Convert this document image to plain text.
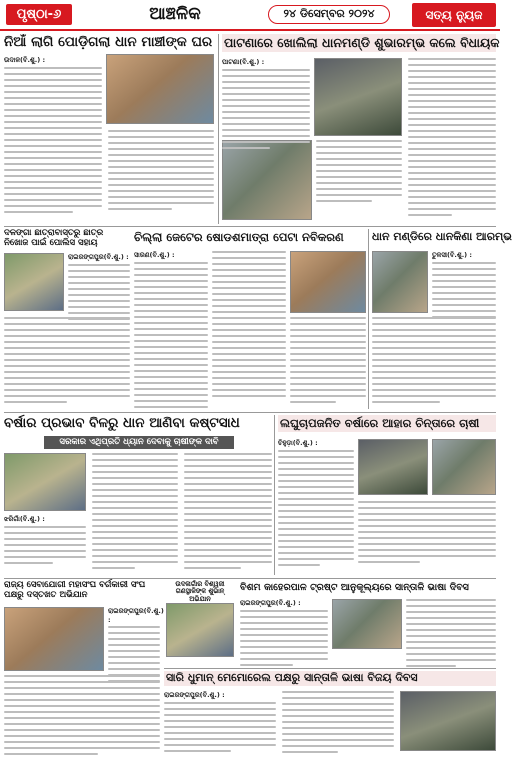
ପୃଷ୍ଠା-୬	ଆଞ୍ଚଳିକ	୨୪ ଡିସେମ୍ବର ୨୦୨୪	ସତ୍ୟ ନ୍ୟୁଜ
ନିଆଁ ଲାଗି ପୋଡ଼ିଗଲା ଧାନ ମାଞ୍ଚୀଙ୍କ ଘର
ଉଦାଳ(ବି.ଶୁ.) :
ପାଟଣାରେ ଖୋଲିଲା ଧାନମଣ୍ଡି ଶୁଭାରମ୍ଭ କଲେ ବିଧାୟକ
ପାଟଣା(ବି.ଶୁ.) :
ଦଳଙ୍ଗା ଛାତ୍ରାବାସ୍ତରୁ ଛାତ୍ର ନିଖୋଜ ପାଇଁ ପୋଲିସ ସହାୟ
ରାଇରଙ୍ଗପୁର(ବି.ଶୁ.) :
ଚିଲ୍ଲା ଜେଟେର ଷୋଡଶମାତ୍ରା ପେଟା ନବିକରଣ
ସାରଣ(ବି.ଶୁ.) :
ଧାନ ମଣ୍ଡିରେ ଧାନକିଣା ଆରମ୍ଭ
ତୁଳସୀ(ବି.ଶୁ.) :
ବର୍ଷାର ପ୍ରଭାବ ବିଳରୁ ଧାନ ଆଣିବା କଷ୍ଟସାଧ
ସରକାର ଏଥିପ୍ରତି ଧ୍ୟାନ ଦେବାକୁ ଚାଷୀଙ୍କ ଦାବି
ଝରିଗାଁ(ବି.ଶୁ.) :
ଲଘୁଚାପଜନିତ ବର୍ଷାରେ ଆହାର ଚିନ୍ତାରେ ଚାଷୀ
ଚିହୁଡ଼ା(ବି.ଶୁ.) :
ରାଜ୍ୟ ସେବାଯୋଗୀ ମହାସଂଘ ବର୍ଗକାରୀ ସଂଘ ପକ୍ଷରୁ ଦସ୍ତଖତ ଅଭିଯାନ
ରାଇରଙ୍ଗପୁର(ବି.ଶୁ.) :
ଉଦଳାଗାଁର ବିଶ୍ୱଜୀ
ଗଣସ୍ଥାଳିଙ୍କ ଶୁଭାନ୍ ଅଭିଯାନ
ବିଶମ କାହେରପାଳ ଟ୍ରଷ୍ଟ ଆନୁକୂଲ୍ୟରେ ସାନ୍ତାଳି ଭାଷା ଦିବସ
ରାଇରଙ୍ଗପୁର(ବି.ଶୁ.) :
ସାରି ଧୁମାନ୍ ମେମୋରେଲ ପକ୍ଷରୁ ସାନ୍ତାଳି ଭାଷା ବିଜୟ ଦିବସ
ରାଇରଙ୍ଗପୁର(ବି.ଶୁ.) :
